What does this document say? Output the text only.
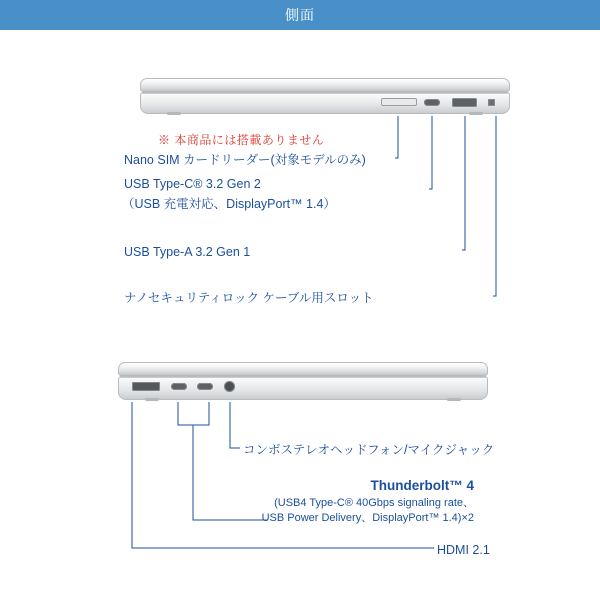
側面
※ 本商品には搭載ありません
Nano SIM カードリーダー(対象モデルのみ)
USB Type-C® 3.2 Gen 2
（USB 充電対応、DisplayPort™ 1.4）
USB Type-A 3.2 Gen 1
ナノセキュリティロック ケーブル用スロット
コンボステレオヘッドフォン/マイクジャック
Thunderbolt™ 4
(USB4 Type-C® 40Gbps signaling rate、
USB Power Delivery、DisplayPort™ 1.4)×2
HDMI 2.1
